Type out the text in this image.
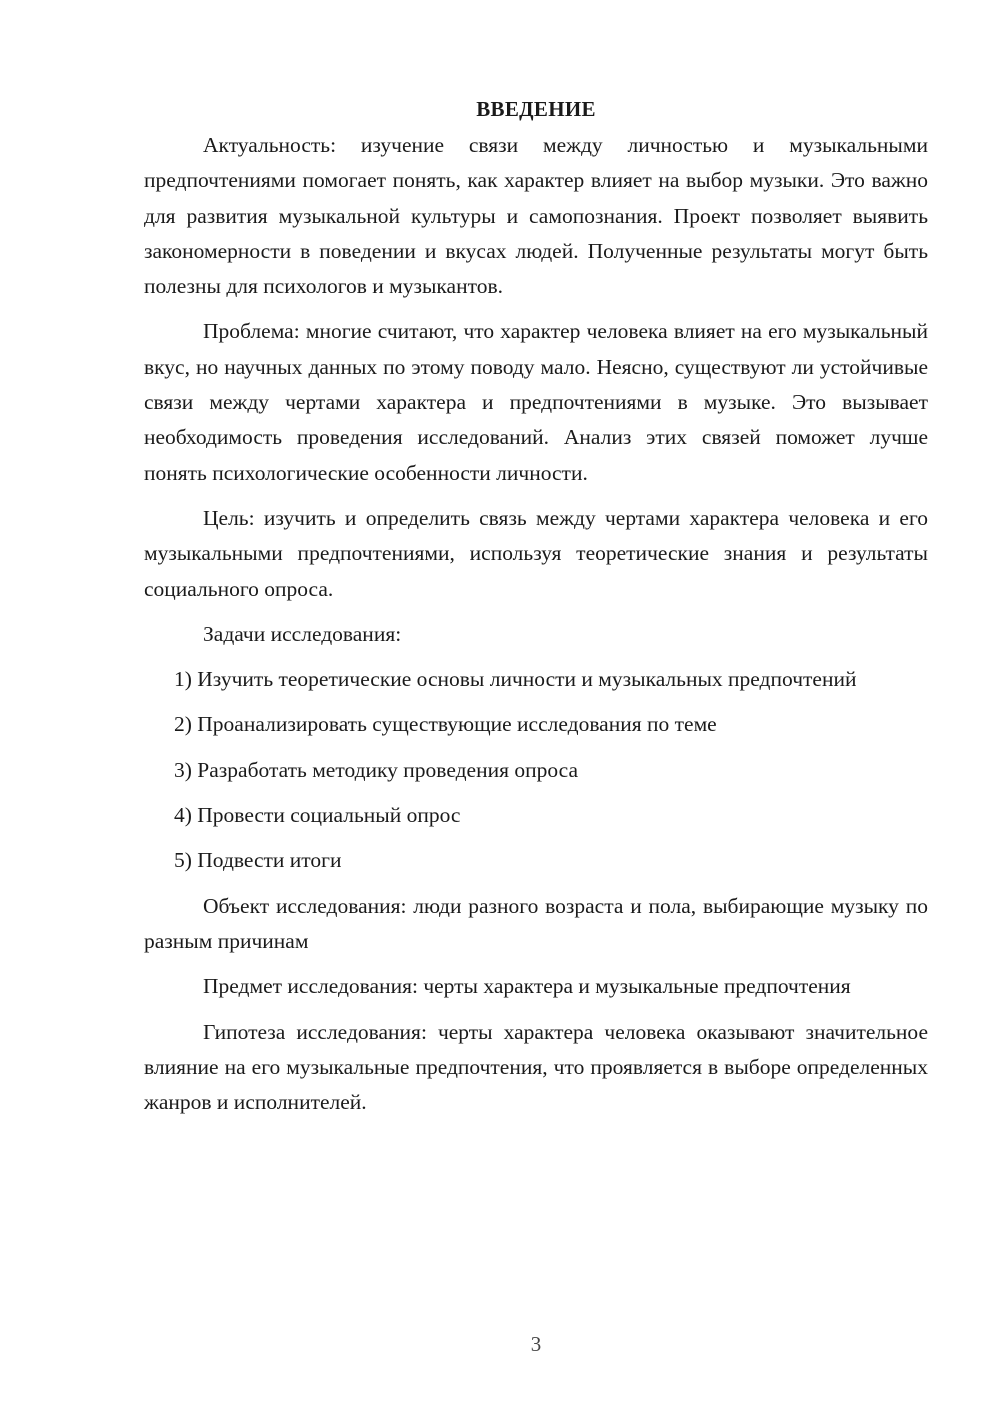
ВВЕДЕНИЕ

Актуальность: изучение связи между личностью и музыкальными предпочтениями помогает понять, как характер влияет на выбор музыки. Это важно для развития музыкальной культуры и самопознания. Проект позволяет выявить закономерности в поведении и вкусах людей. Полученные результаты могут быть полезны для психологов и музыкантов.

Проблема: многие считают, что характер человека влияет на его музыкальный вкус, но научных данных по этому поводу мало. Неясно, существуют ли устойчивые связи между чертами характера и предпочтениями в музыке. Это вызывает необходимость проведения исследований. Анализ этих связей поможет лучше понять психологические особенности личности.

Цель: изучить и определить связь между чертами характера человека и его музыкальными предпочтениями, используя теоретические знания и результаты социального опроса.

Задачи исследования:

1) Изучить теоретические основы личности и музыкальных предпочтений

2) Проанализировать существующие исследования по теме

3) Разработать методику проведения опроса

4) Провести социальный опрос

5) Подвести итоги

Объект исследования: люди разного возраста и пола, выбирающие музыку по разным причинам

Предмет исследования: черты характера и музыкальные предпочтения

Гипотеза исследования: черты характера человека оказывают значительное влияние на его музыкальные предпочтения, что проявляется в выборе определенных жанров и исполнителей.

3
